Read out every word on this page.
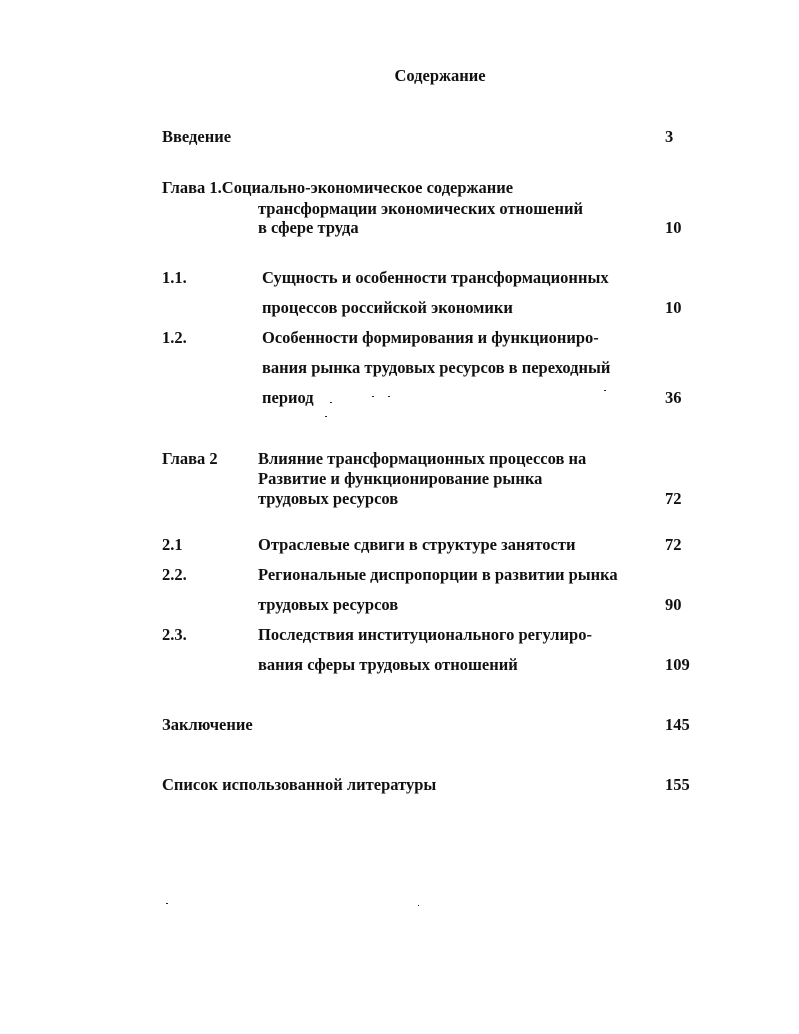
Содержание
Введение	3
Глава 1.Социально-экономическое содержание
трансформации экономических отношений
в сфере труда	10
1.1.	Сущность и особенности трансформационных
процессов российской экономики	10
1.2.	Особенности формирования и функциониро-
вания рынка трудовых ресурсов в переходный
период	36
Глава 2 Влияние трансформационных процессов на
Развитие и функционирование рынка
трудовых ресурсов	72
2.1	Отраслевые сдвиги в структуре занятости	72
2.2.	Региональные диспропорции в развитии рынка
трудовых ресурсов	90
2.3.	Последствия институционального регулиро-
вания сферы трудовых отношений	109
Заключение	145
Список использованной литературы	155
